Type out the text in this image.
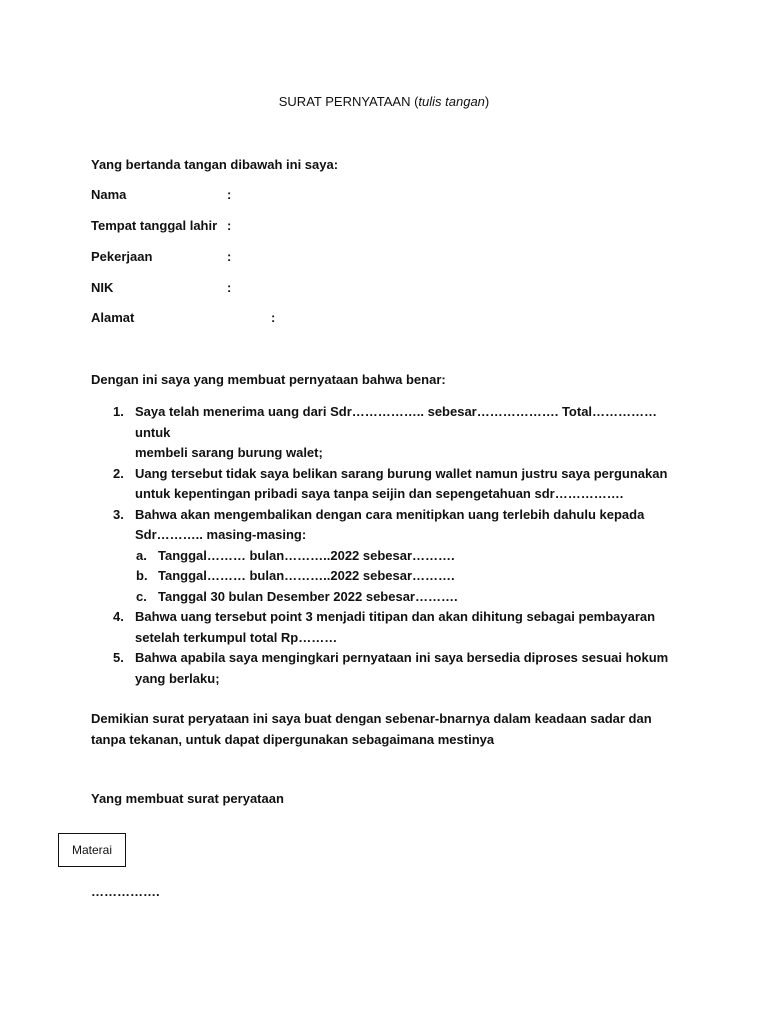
SURAT PERNYATAAN (tulis tangan)
Yang bertanda tangan dibawah ini saya:
Nama	:
Tempat tanggal lahir :
Pekerjaan	:
NIK	:
Alamat	:
Dengan ini saya yang membuat pernyataan bahwa benar:
1. Saya telah menerima uang dari Sdr…………….. sebesar………………. Total……………untuk
membeli sarang burung walet;
2. Uang tersebut tidak saya belikan sarang burung wallet namun justru saya pergunakan
untuk kepentingan pribadi saya tanpa seijin dan sepengetahuan sdr…………….
3. Bahwa akan mengembalikan dengan cara menitipkan uang terlebih dahulu kepada
Sdr……….. masing-masing:
a. Tanggal……… bulan………..2022 sebesar……….
b. Tanggal……… bulan………..2022 sebesar……….
c. Tanggal 30 bulan Desember 2022 sebesar……….
4. Bahwa uang tersebut point 3 menjadi titipan dan akan dihitung sebagai pembayaran
setelah terkumpul total Rp………
5. Bahwa apabila saya mengingkari pernyataan ini saya bersedia diproses sesuai hokum
yang berlaku;
Demikian surat peryataan ini saya buat dengan sebenar-bnarnya dalam keadaan sadar dan
tanpa tekanan, untuk dapat dipergunakan sebagaimana mestinya
Yang membuat surat peryataan
Materai
…………….
